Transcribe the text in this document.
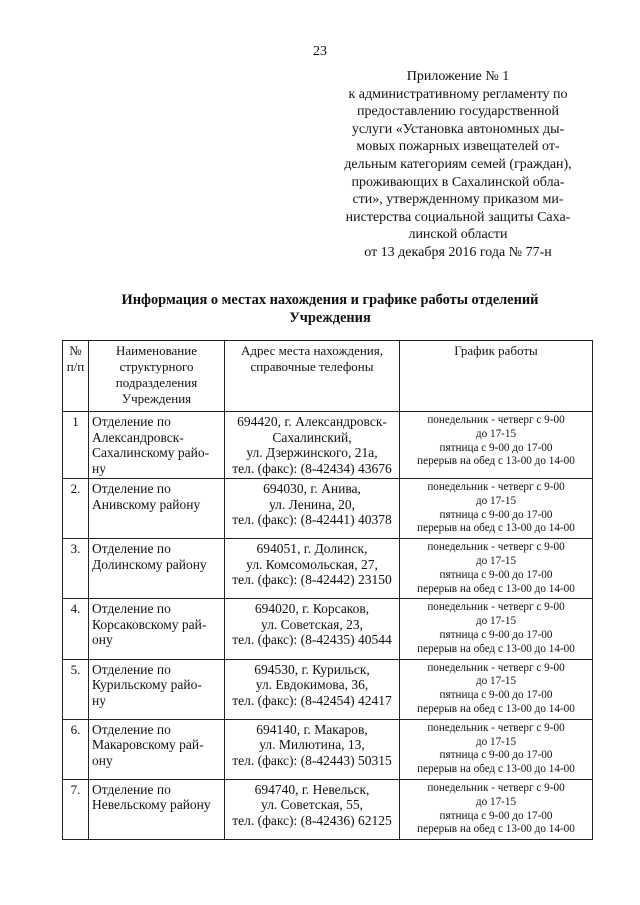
23
Приложение № 1
к административному регламенту по
предоставлению государственной
услуги «Установка автономных ды-
мовых пожарных извещателей от-
дельным категориям семей (граждан),
проживающих в Сахалинской обла-
сти», утвержденному приказом ми-
нистерства социальной защиты Саха-
линской области
от 13 декабря 2016 года № 77-н
Информация о местах нахождения и графике работы отделений
Учреждения
№
п/п	Наименование
структурного
подразделения
Учреждения	Адрес места нахождения,
справочные телефоны	График работы

1	Отделение по
Александровск-
Сахалинскому райо-
ну	694420, г. Александровск-
Сахалинский,
ул. Дзержинского, 21а,
тел. (факс): (8-42434) 43676	понедельник - четверг с 9-00
до 17-15
пятница с 9-00 до 17-00
перерыв на обед с 13-00 до 14-00

2.	Отделение по
Анивскому району	694030, г. Анива,
ул. Ленина, 20,
тел. (факс): (8-42441) 40378	понедельник - четверг с 9-00
до 17-15
пятница с 9-00 до 17-00
перерыв на обед с 13-00 до 14-00

3.	Отделение по
Долинскому району	694051, г. Долинск,
ул. Комсомольская, 27,
тел. (факс): (8-42442) 23150	понедельник - четверг с 9-00
до 17-15
пятница с 9-00 до 17-00
перерыв на обед с 13-00 до 14-00

4.	Отделение по
Корсаковскому рай-
ону	694020, г. Корсаков,
ул. Советская, 23,
тел. (факс): (8-42435) 40544	понедельник - четверг с 9-00
до 17-15
пятница с 9-00 до 17-00
перерыв на обед с 13-00 до 14-00

5.	Отделение по
Курильскому райо-
ну	694530, г. Курильск,
ул. Евдокимова, 36,
тел. (факс): (8-42454) 42417	понедельник - четверг с 9-00
до 17-15
пятница с 9-00 до 17-00
перерыв на обед с 13-00 до 14-00

6.	Отделение по
Макаровскому рай-
ону	694140, г. Макаров,
ул. Милютина, 13,
тел. (факс): (8-42443) 50315	понедельник - четверг с 9-00
до 17-15
пятница с 9-00 до 17-00
перерыв на обед с 13-00 до 14-00

7.	Отделение по
Невельскому району	694740, г. Невельск,
ул. Советская, 55,
тел. (факс): (8-42436) 62125	понедельник - четверг с 9-00
до 17-15
пятница с 9-00 до 17-00
перерыв на обед с 13-00 до 14-00
